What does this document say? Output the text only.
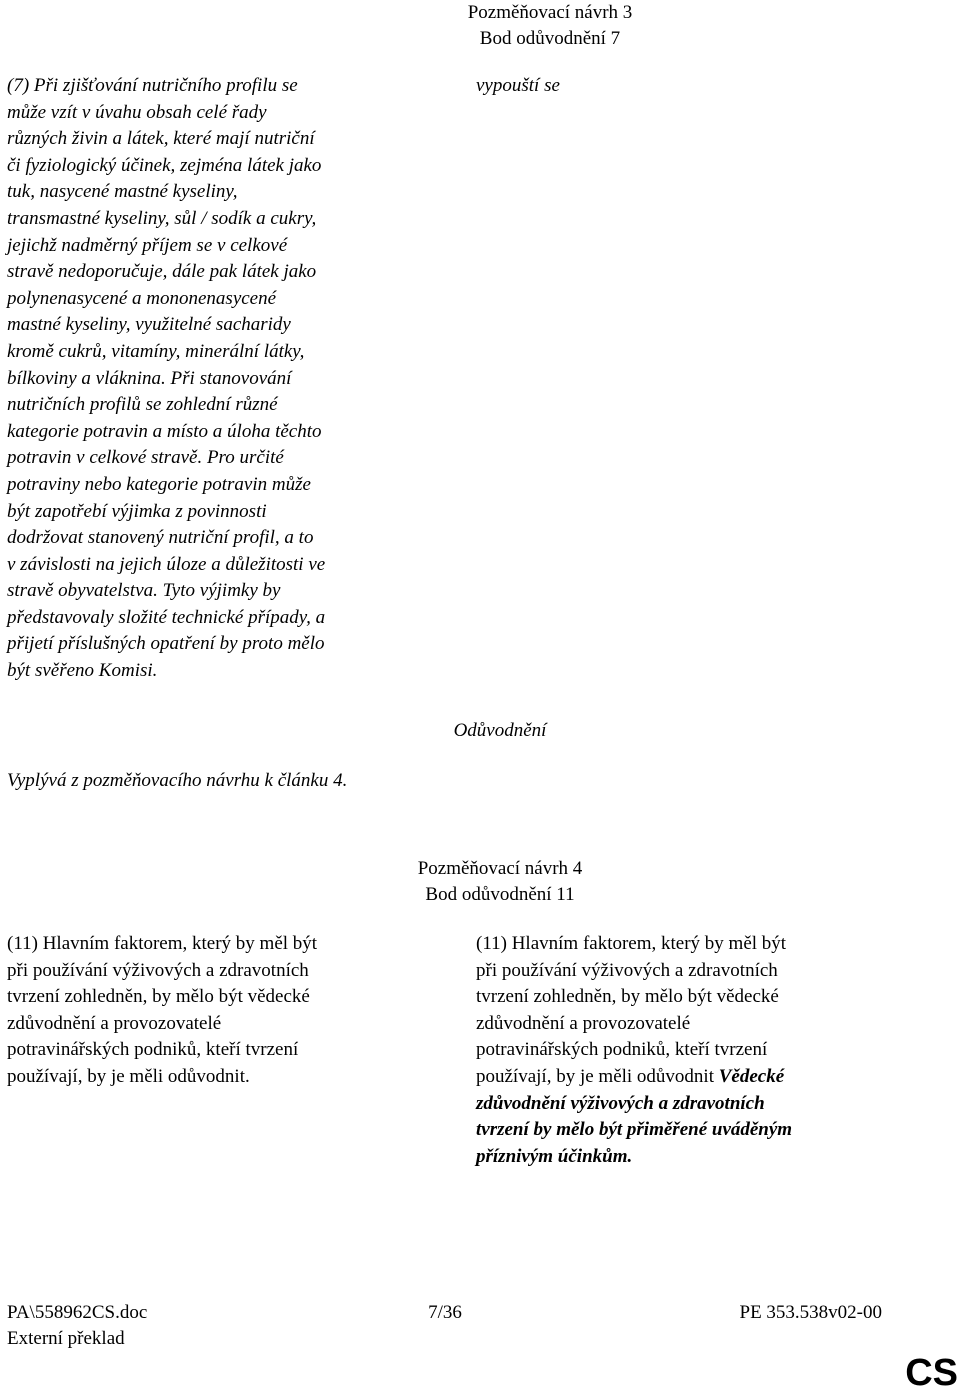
Pozměňovací návrh 3
Bod odůvodnění 7
(7) Při zjišťování nutričního profilu se
může vzít v úvahu obsah celé řady
různých živin a látek, které mají nutriční
či fyziologický účinek, zejména látek jako
tuk, nasycené mastné kyseliny,
transmastné kyseliny, sůl / sodík a cukry,
jejichž nadměrný příjem se v celkové
stravě nedoporučuje, dále pak látek jako
polynenasycené a mononenasycené
mastné kyseliny, využitelné sacharidy
kromě cukrů, vitamíny, minerální látky,
bílkoviny a vláknina. Při stanovování
nutričních profilů se zohlední různé
kategorie potravin a místo a úloha těchto
potravin v celkové stravě. Pro určité
potraviny nebo kategorie potravin může
být zapotřebí výjimka z povinnosti
dodržovat stanovený nutriční profil, a to
v závislosti na jejich úloze a důležitosti ve
stravě obyvatelstva. Tyto výjimky by
představovaly složité technické případy, a
přijetí příslušných opatření by proto mělo
být svěřeno Komisi.
vypouští se
Odůvodnění
Vyplývá z pozměňovacího návrhu k článku 4.
Pozměňovací návrh 4
Bod odůvodnění 11
(11) Hlavním faktorem, který by měl být
při používání výživových a zdravotních
tvrzení zohledněn, by mělo být vědecké
zdůvodnění a provozovatelé
potravinářských podniků, kteří tvrzení
používají, by je měli odůvodnit.
(11) Hlavním faktorem, který by měl být
při používání výživových a zdravotních
tvrzení zohledněn, by mělo být vědecké
zdůvodnění a provozovatelé
potravinářských podniků, kteří tvrzení
používají, by je měli odůvodnit Vědecké
zdůvodnění výživových a zdravotních
tvrzení by mělo být přiměřené uváděným
příznivým účinkům.
PA\558962CS.doc	7/36	PE 353.538v02-00
Externí překlad
CS
